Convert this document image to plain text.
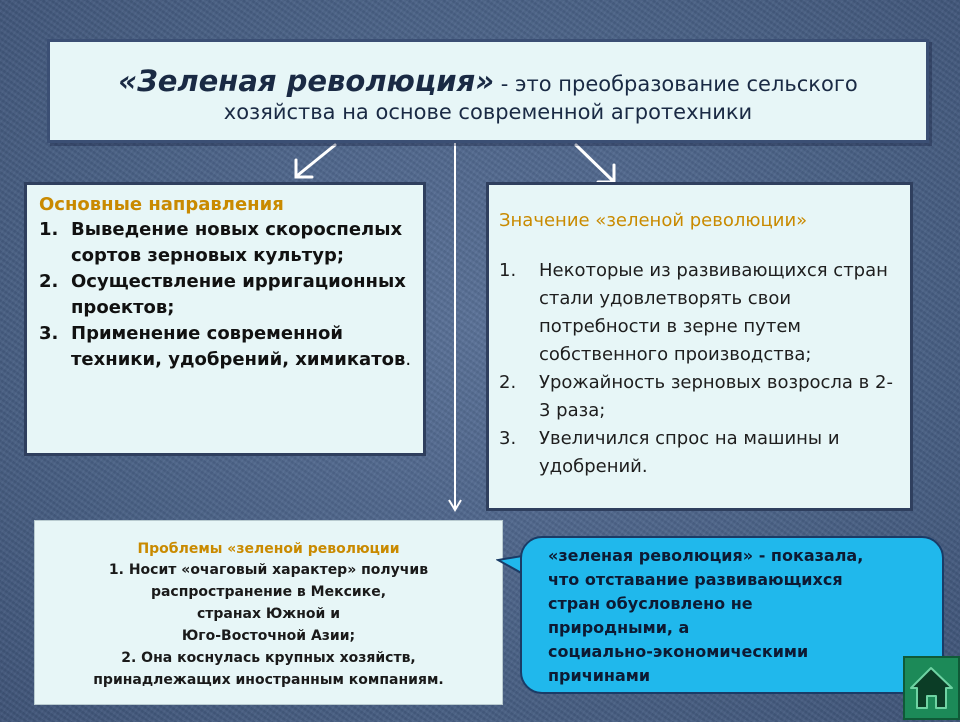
«Зеленая революция» - это преобразование сельского
хозяйства на основе современной агротехники
Основные направления
1. Выведение новых скороспелых сортов зерновых культур;
2. Осуществление ирригационных проектов;
3. Применение современной техники, удобрений, химикатов.
Значение «зеленой революции»
1.	Некоторые из развивающихся стран стали удовлетворять свои потребности в зерне путем собственного производства;
2.	Урожайность зерновых возросла в 2-3 раза;
3.	Увеличился спрос на машины и удобрений.
Проблемы «зеленой революции
1. Носит «очаговый характер» получив
распространение в Мексике,
странах Южной и
Юго-Восточной Азии;
2. Она коснулась крупных хозяйств,
принадлежащих иностранным компаниям.
«зеленая революция» - показала,
что отставание развивающихся
стран обусловлено не
природными, а
социально-экономическими
причинами
